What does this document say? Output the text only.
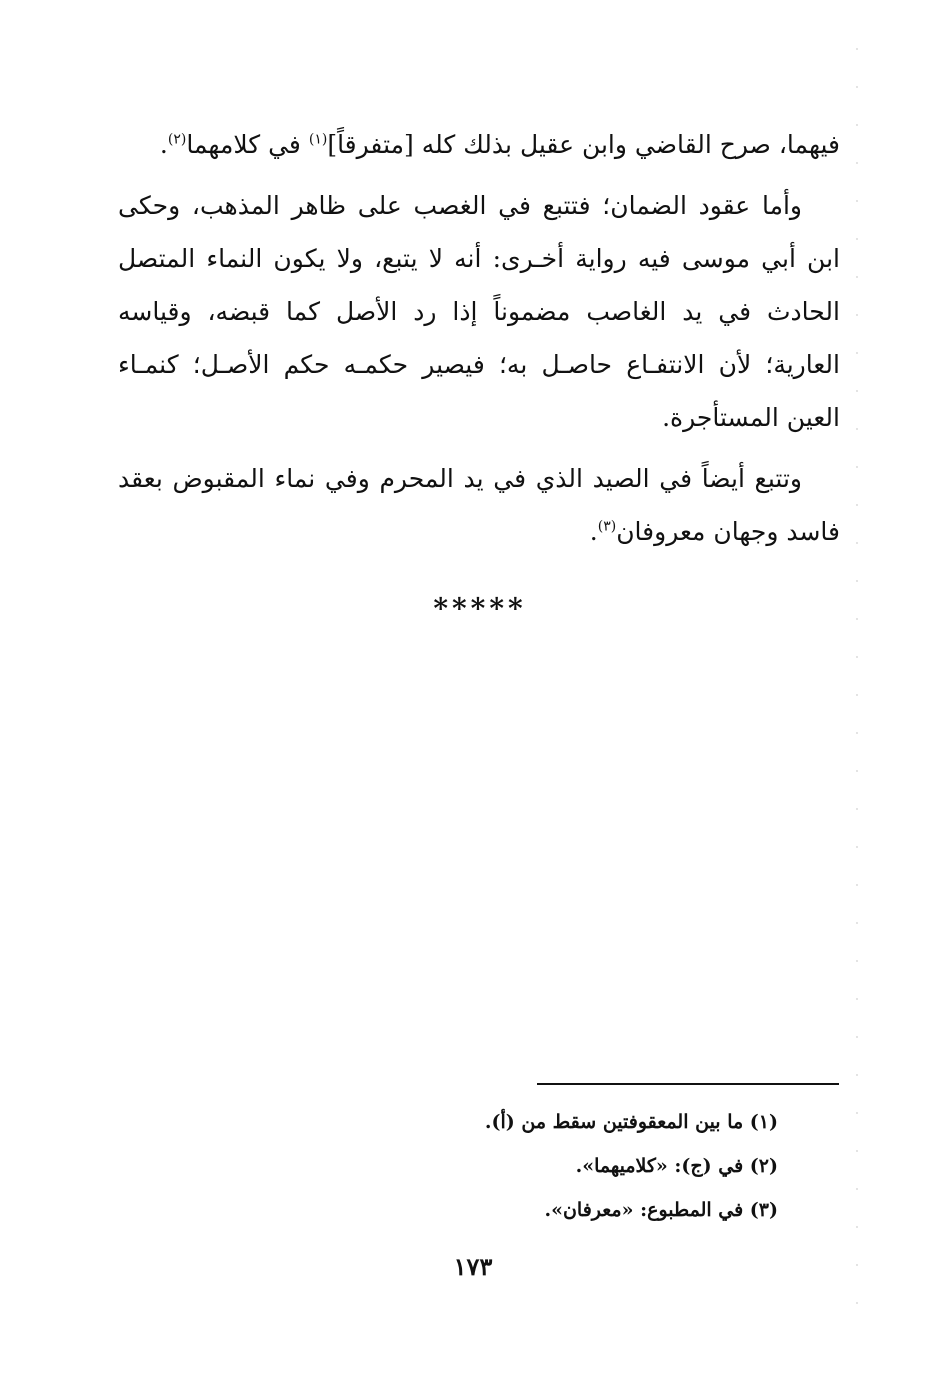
فيهما، صرح القاضي وابن عقيل بذلك كله [متفرقاً]$^{(١)}$ في كلامهما$^{(٢)}$.

وأما عقود الضمان؛ فتتبع في الغصب على ظاهر المذهب، وحكى ابن أبي موسى فيه رواية أخـرى: أنه لا يتبع، ولا يكون النماء المتصل الحادث في يد الغاصب مضموناً إذا رد الأصل كما قبضه، وقياسه العارية؛ لأن الانتفـاع حاصـل به؛ فيصير حكمـه حكم الأصـل؛ كنمـاء العين المستأجرة.

وتتبع أيضاً في الصيد الذي في يد المحرم وفي نماء المقبوض بعقد فاسد وجهان معروفان$^{(٣)}$.

*****
(١) ما بين المعقوفتين سقط من (أ).
(٢) في (ج): «كلاميهما».
(٣) في المطبوع: «معرفان».
١٧٣
